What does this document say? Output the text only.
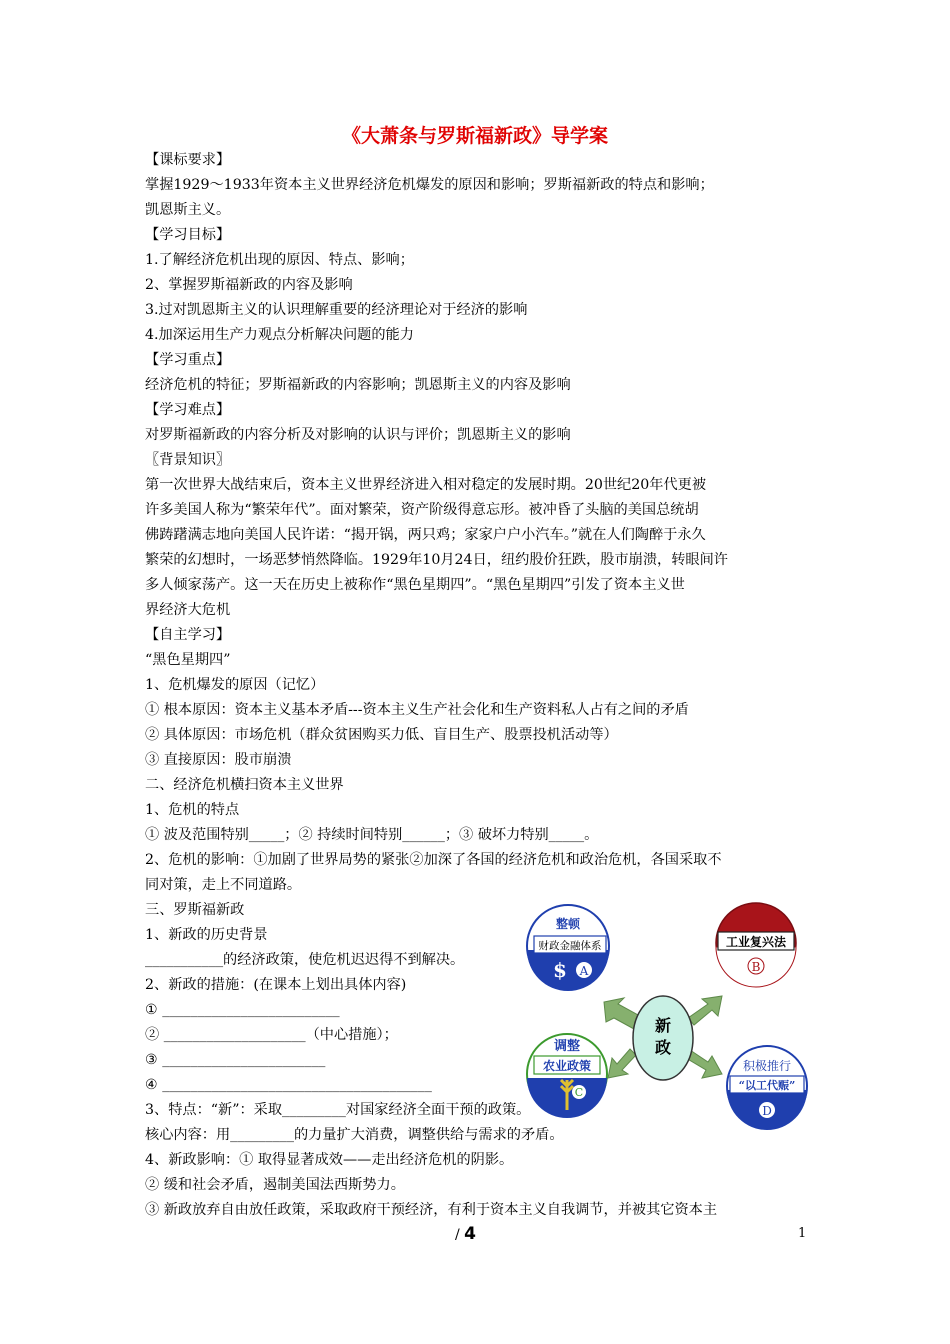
《大萧条与罗斯福新政》导学案

【课标要求】

掌握1929～1933年资本主义世界经济危机爆发的原因和影响；罗斯福新政的特点和影响；

凯恩斯主义。

【学习目标】

1.了解经济危机出现的原因、特点、影响；

2、掌握罗斯福新政的内容及影响

3.过对凯恩斯主义的认识理解重要的经济理论对于经济的影响

4.加深运用生产力观点分析解决问题的能力

【学习重点】

经济危机的特征；罗斯福新政的内容影响；凯恩斯主义的内容及影响

【学习难点】

对罗斯福新政的内容分析及对影响的认识与评价；凯恩斯主义的影响

〖背景知识〗

第一次世界大战结束后，资本主义世界经济进入相对稳定的发展时期。20世纪20年代更被

许多美国人称为“繁荣年代”。面对繁荣，资产阶级得意忘形。被冲昏了头脑的美国总统胡

佛踌躇满志地向美国人民许诺：“揭开锅，两只鸡；家家户户小汽车。”就在人们陶醉于永久

繁荣的幻想时，一场恶梦悄然降临。1929年10月24日，纽约股价狂跌，股市崩溃，转眼间许

多人倾家荡产。这一天在历史上被称作“黑色星期四”。“黑色星期四”引发了资本主义世

界经济大危机

【自主学习】

“黑色星期四”

1、危机爆发的原因（记忆）

① 根本原因：资本主义基本矛盾---资本主义生产社会化和生产资料私人占有之间的矛盾

② 具体原因：市场危机（群众贫困购买力低、盲目生产、股票投机活动等）

③ 直接原因：股市崩溃

二、经济危机横扫资本主义世界

1、危机的特点

① 波及范围特别_____；② 持续时间特别______；③ 破坏力特别_____。

2、危机的影响：①加剧了世界局势的紧张②加深了各国的经济危机和政治危机，各国采取不

同对策，走上不同道路。

三、罗斯福新政

1、新政的历史背景

___________的经济政策，使危机迟迟得不到解决。

2、新政的措施：(在课本上划出具体内容)

① _________________________

② ____________________（中心措施）；

③ _______________________

④ ______________________________________

3、特点：“新”：采取_________对国家经济全面干预的政策。

核心内容：用_________的力量扩大消费，调整供给与需求的矛盾。

4、新政影响：① 取得显著成效——走出经济危机的阴影。

② 缓和社会矛盾，遏制美国法西斯势力。

③ 新政放弃自由放任政策，采取政府干预经济，有利于资本主义自我调节，并被其它资本主

新
政
整顿
财政金融体系
$ A
工业复兴法
B
调整
农业政策
C
积极推行
“以工代赈”
D
/ 4	1
